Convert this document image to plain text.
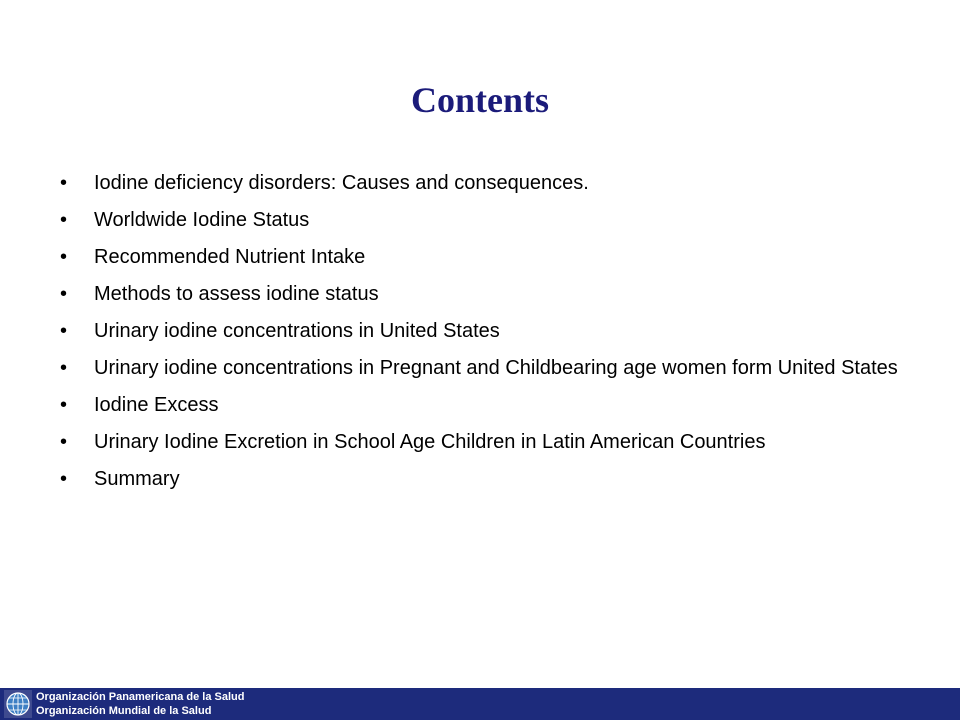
Contents
•	Iodine deficiency disorders: Causes and consequences.
•	Worldwide Iodine Status
•	Recommended Nutrient Intake
•	Methods to assess iodine status
•	Urinary iodine concentrations in United States
•	Urinary iodine concentrations in Pregnant and Childbearing age women form United States
•	Iodine Excess
•	Urinary Iodine Excretion in School Age Children in Latin American Countries
•	Summary
Organización Panamericana de la Salud
Organización Mundial de la Salud
